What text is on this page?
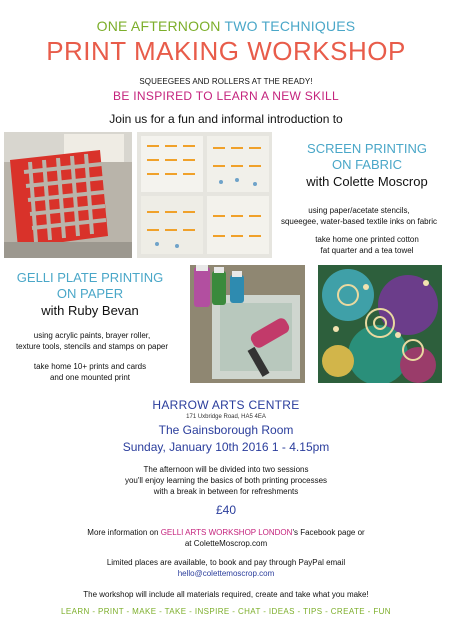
ONE AFTERNOON TWO TECHNIQUES
PRINT MAKING WORKSHOP
SQUEEGEES AND ROLLERS AT THE READY!
BE INSPIRED TO LEARN A NEW SKILL
Join us for a fun and informal introduction to
SCREEN PRINTING
ON FABRIC
with Colette Moscrop
using paper/acetate stencils,
squeegee, water-based textile inks on fabric
take home one printed cotton
fat quarter and a tea towel
GELLI PLATE PRINTING
ON PAPER
with Ruby Bevan
using acrylic paints, brayer roller,
texture tools, stencils and stamps on paper
take home 10+ prints and cards
and one mounted print
HARROW ARTS CENTRE
171 Uxbridge Road, HA5 4EA
The Gainsborough Room
Sunday, January 10th 2016 1 - 4.15pm
The afternoon will be divided into two sessions
you'll enjoy learning the basics of both printing processes
with a break in between for refreshments
£40
More information on GELLI ARTS WORKSHOP LONDON's Facebook page or
at ColetteMoscrop.com
Limited places are available, to book and pay through PayPal email
hello@colettemoscrop.com
The workshop will include all materials required, create and take what you make!
LEARN - PRINT - MAKE - TAKE - INSPIRE - CHAT - IDEAS - TIPS - CREATE - FUN
